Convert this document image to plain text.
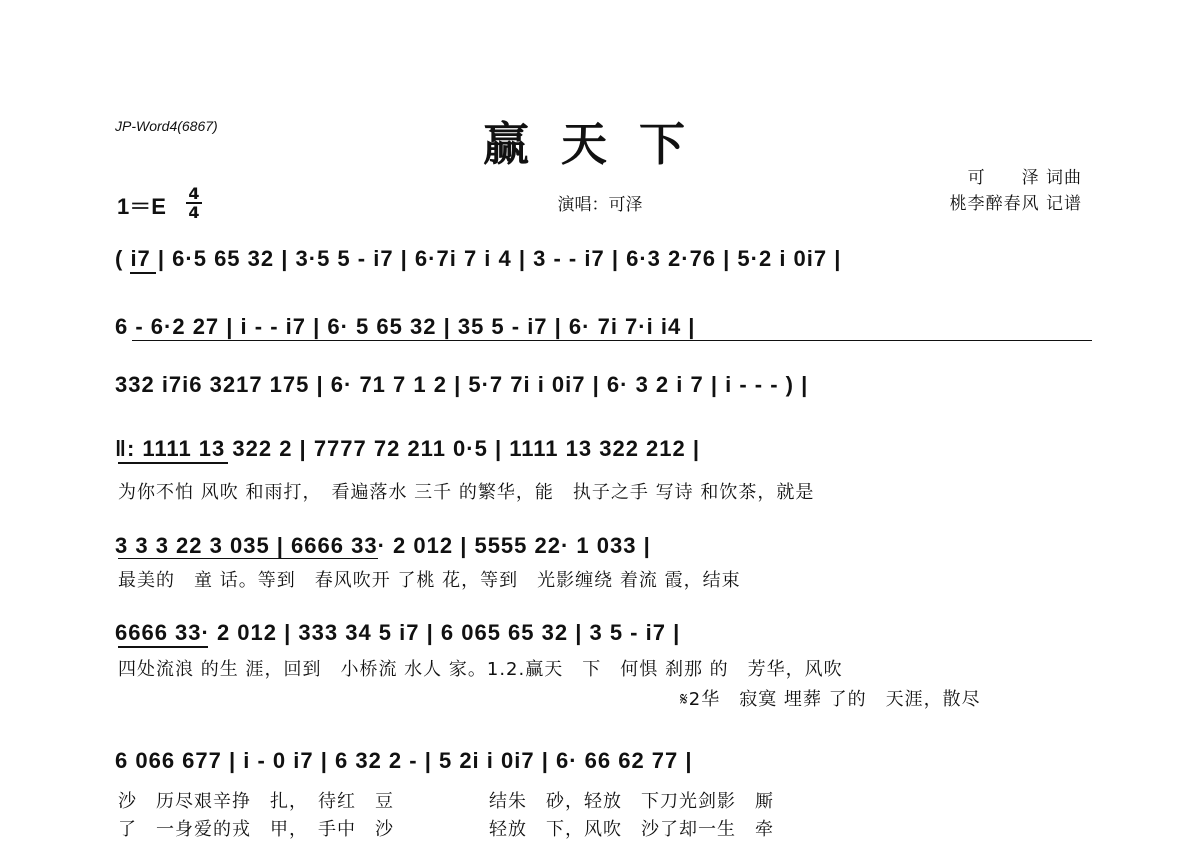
JP-Word4(6867)	赢天下
可　　泽 词曲
桃李醉春风 记谱
演唱：可泽
1＝E
4
4
( i7 | 6·5 65 32 | 3·5 5 - i7 | 6·7i 7 i 4 | 3 - - i7 | 6·3 2·76 | 5·2 i 0i7 |
6 - 6·2 27 | i - - i7 | 6· 5 65 32 | 35 5 - i7 | 6· 7i 7·i i4 |
332 i7i6 3217 175 | 6· 71 7 1 2 | 5·7 7i i 0i7 | 6· 3 2 i 7 | i - - - ) |
‖: 1111 13 322 2 | 7777 72 211 0·5 | 1111 13 322 212 |
为你不怕 风吹 和雨打，　看遍落水 三千 的繁华，能　执子之手 写诗 和饮茶，就是
3 3 3 22 3 035 | 6666 33· 2 012 | 5555 22· 1 033 |
最美的　童 话。等到　春风吹开 了桃 花，等到　光影缠绕 着流 霞，结束
6666 33· 2 012 | 333 34 5 i7 | 6 065 65 32 | 3 5 - i7 |
四处流浪 的生 涯，回到　小桥流 水人 家。1.2.赢天　下　何惧 刹那 的　芳华，风吹
𝄋2华　寂寞 埋葬 了的　天涯，散尽
6 066 677 | i - 0 i7 | 6 32 2 - | 5 2i i 0i7 | 6· 66 62 77 |
沙　历尽艰辛挣　扎，　待红　豆　　　　　结朱　砂，轻放　下刀光剑影　厮
了　一身爱的戎　甲，　手中　沙　　　　　轻放　下，风吹　沙了却一生　牵
